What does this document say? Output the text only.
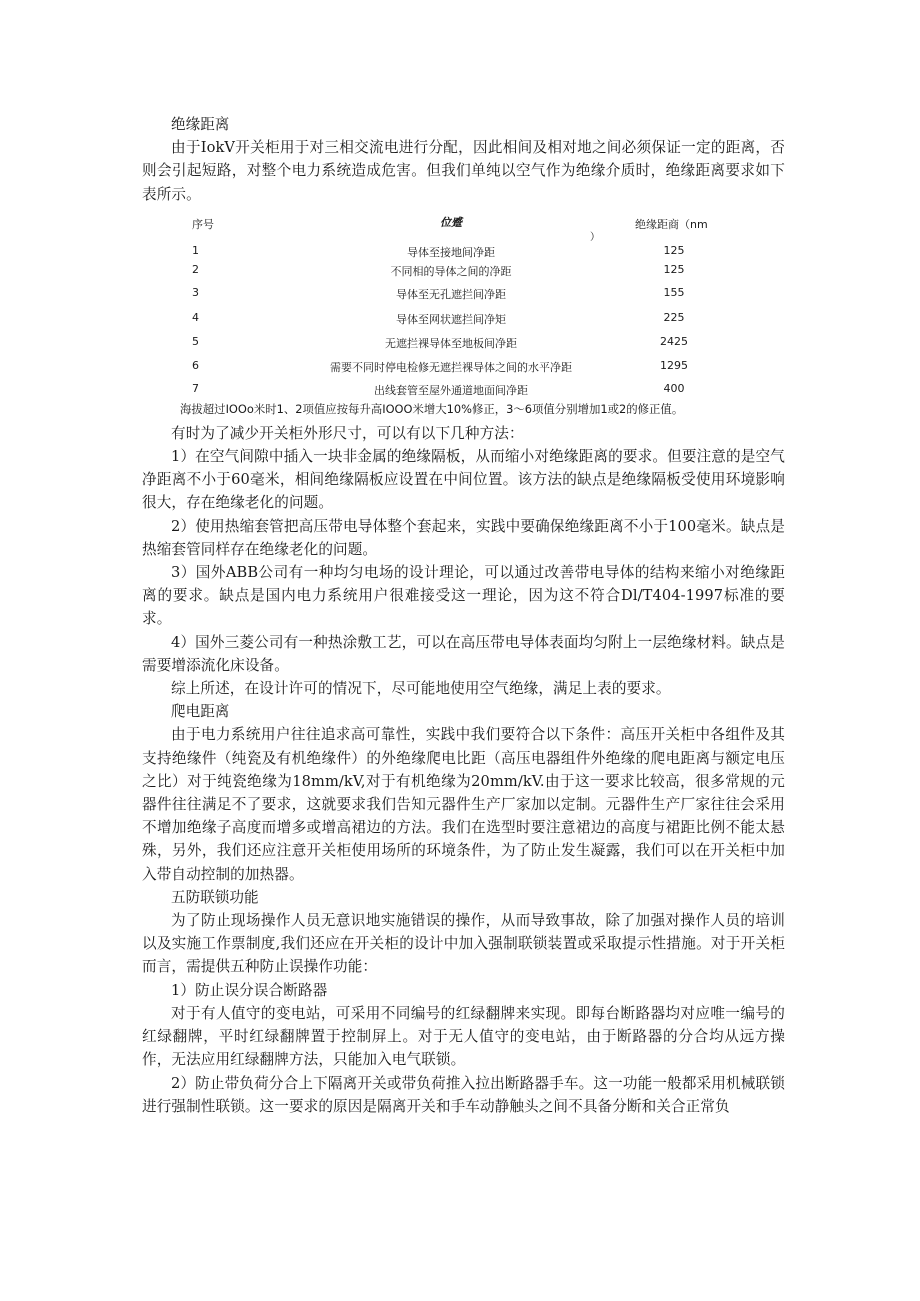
绝缘距离

由于IokV开关柜用于对三相交流电进行分配，因此相间及相对地之间必须保证一定的距离，否则会引起短路，对整个电力系统造成危害。但我们单纯以空气作为绝缘介质时，绝缘距离要求如下表所示。

序号	位蹙	绝缘距商（nm
）
1	导体至接地间净距	125
2	不同相的导体之间的净距	125
3	导体至无孔遮拦间净距	155
4	导体至网状遮拦间净矩	225
5	无遮拦裸导体至地板间净距	2425
6	需要不同时停电检修无遮拦裸导体之间的水平净距	1295
7	出线套管至屋外通道地面间净距	400
海拔超过IOOo米时1、2项值应按每升高IOOO米增大10%修正，3～6项值分别增加1或2的修正值。

有时为了减少开关柜外形尺寸，可以有以下几种方法：

1）在空气间隙中插入一块非金属的绝缘隔板，从而缩小对绝缘距离的要求。但要注意的是空气净距离不小于60毫米，相间绝缘隔板应设置在中间位置。该方法的缺点是绝缘隔板受使用环境影响很大，存在绝缘老化的问题。

2）使用热缩套管把高压带电导体整个套起来，实践中要确保绝缘距离不小于100毫米。缺点是热缩套管同样存在绝缘老化的问题。

3）国外ABB公司有一种均匀电场的设计理论，可以通过改善带电导体的结构来缩小对绝缘距离的要求。缺点是国内电力系统用户很难接受这一理论，因为这不符合Dl/T404-1997标准的要求。

4）国外三菱公司有一种热涂敷工艺，可以在高压带电导体表面均匀附上一层绝缘材料。缺点是需要增添流化床设备。

综上所述，在设计许可的情况下，尽可能地使用空气绝缘，满足上表的要求。

爬电距离

由于电力系统用户往往追求高可靠性，实践中我们要符合以下条件：高压开关柜中各组件及其支持绝缘件（纯瓷及有机绝缘件）的外绝缘爬电比距（高压电器组件外绝缘的爬电距离与额定电压之比）对于纯瓷绝缘为18mm∕kV,对于有机绝缘为20mm∕kV.由于这一要求比较高，很多常规的元器件往往满足不了要求，这就要求我们告知元器件生产厂家加以定制。元器件生产厂家往往会采用不增加绝缘子高度而增多或增高裙边的方法。我们在选型时要注意裙边的高度与裙距比例不能太悬殊，另外，我们还应注意开关柜使用场所的环境条件，为了防止发生凝露，我们可以在开关柜中加入带自动控制的加热器。

五防联锁功能

为了防止现场操作人员无意识地实施错误的操作，从而导致事故，除了加强对操作人员的培训以及实施工作票制度,我们还应在开关柜的设计中加入强制联锁装置或采取提示性措施。对于开关柜而言，需提供五种防止误操作功能：

1）防止误分误合断路器

对于有人值守的变电站，可采用不同编号的红绿翻牌来实现。即每台断路器均对应唯一编号的红绿翻牌，平时红绿翻牌置于控制屏上。对于无人值守的变电站，由于断路器的分合均从远方操作，无法应用红绿翻牌方法，只能加入电气联锁。

2）防止带负荷分合上下隔离开关或带负荷推入拉出断路器手车。这一功能一般都采用机械联锁进行强制性联锁。这一要求的原因是隔离开关和手车动静触头之间不具备分断和关合正常负
